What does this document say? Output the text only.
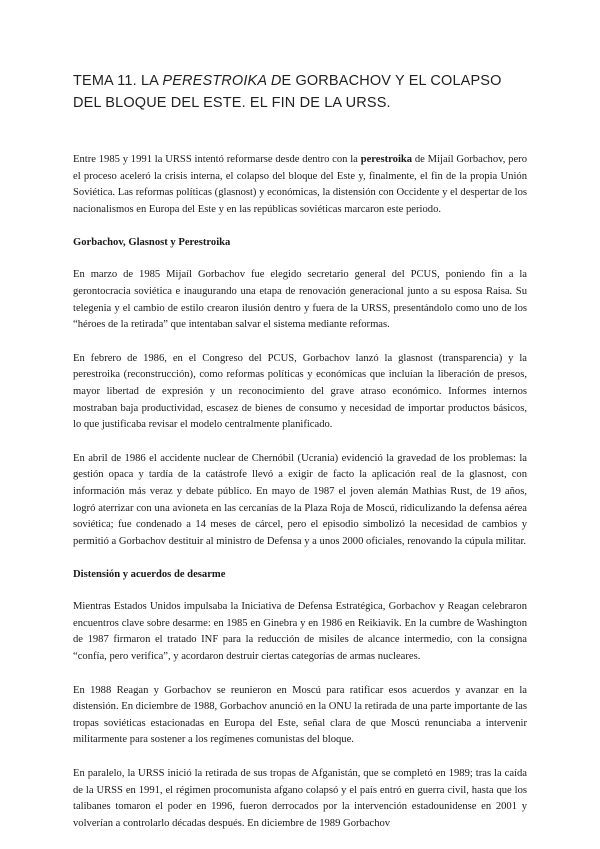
TEMA 11. LA PERESTROIKA DE GORBACHOV Y EL COLAPSO DEL BLOQUE DEL ESTE. EL FIN DE LA URSS.

Entre 1985 y 1991 la URSS intentó reformarse desde dentro con la perestroika de Mijaíl Gorbachov, pero el proceso aceleró la crisis interna, el colapso del bloque del Este y, finalmente, el fin de la propia Unión Soviética. Las reformas políticas (glasnost) y económicas, la distensión con Occidente y el despertar de los nacionalismos en Europa del Este y en las repúblicas soviéticas marcaron este periodo.

Gorbachov, Glasnost y Perestroika

En marzo de 1985 Mijaíl Gorbachov fue elegido secretario general del PCUS, poniendo fin a la gerontocracia soviética e inaugurando una etapa de renovación generacional junto a su esposa Raisa. Su telegenia y el cambio de estilo crearon ilusión dentro y fuera de la URSS, presentándolo como uno de los “héroes de la retirada” que intentaban salvar el sistema mediante reformas.

En febrero de 1986, en el Congreso del PCUS, Gorbachov lanzó la glasnost (transparencia) y la perestroika (reconstrucción), como reformas políticas y económicas que incluían la liberación de presos, mayor libertad de expresión y un reconocimiento del grave atraso económico. Informes internos mostraban baja productividad, escasez de bienes de consumo y necesidad de importar productos básicos, lo que justificaba revisar el modelo centralmente planificado.

En abril de 1986 el accidente nuclear de Chernóbil (Ucrania) evidenció la gravedad de los problemas: la gestión opaca y tardía de la catástrofe llevó a exigir de facto la aplicación real de la glasnost, con información más veraz y debate público. En mayo de 1987 el joven alemán Mathias Rust, de 19 años, logró aterrizar con una avioneta en las cercanías de la Plaza Roja de Moscú, ridiculizando la defensa aérea soviética; fue condenado a 14 meses de cárcel, pero el episodio simbolizó la necesidad de cambios y permitió a Gorbachov destituir al ministro de Defensa y a unos 2000 oficiales, renovando la cúpula militar.

Distensión y acuerdos de desarme

Mientras Estados Unidos impulsaba la Iniciativa de Defensa Estratégica, Gorbachov y Reagan celebraron encuentros clave sobre desarme: en 1985 en Ginebra y en 1986 en Reikiavik. En la cumbre de Washington de 1987 firmaron el tratado INF para la reducción de misiles de alcance intermedio, con la consigna “confía, pero verifica”, y acordaron destruir ciertas categorías de armas nucleares.

En 1988 Reagan y Gorbachov se reunieron en Moscú para ratificar esos acuerdos y avanzar en la distensión. En diciembre de 1988, Gorbachov anunció en la ONU la retirada de una parte importante de las tropas soviéticas estacionadas en Europa del Este, señal clara de que Moscú renunciaba a intervenir militarmente para sostener a los regímenes comunistas del bloque.

En paralelo, la URSS inició la retirada de sus tropas de Afganistán, que se completó en 1989; tras la caída de la URSS en 1991, el régimen procomunista afgano colapsó y el país entró en guerra civil, hasta que los talibanes tomaron el poder en 1996, fueron derrocados por la intervención estadounidense en 2001 y volverían a controlarlo décadas después. En diciembre de 1989 Gorbachov
